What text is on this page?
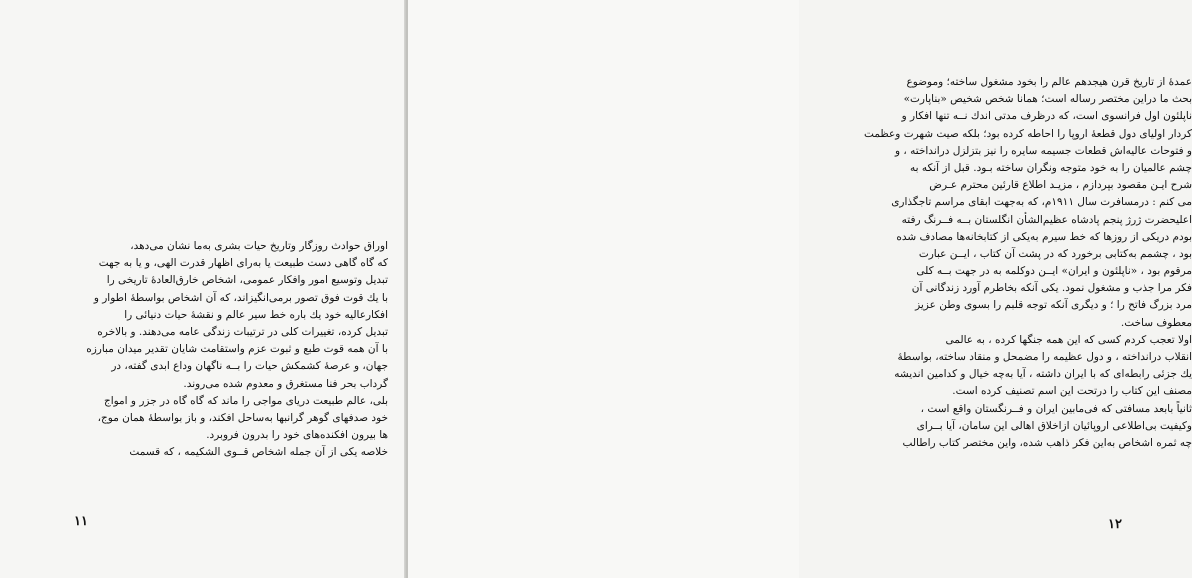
اوراق حوادث روزگار وتاریخ حیات بشری به‌ما نشان می‌دهد،
که گاه گاهی دست طبیعت یا به‌رای اظهار قدرت الهی، و یا به جهت
تبدیل وتوسیع امور وافکار عمومی، اشخاص خارق‌العادهٔ تاریخی را
با یك قوت فوق تصور برمی‌انگیزاند، که آن اشخاص بواسطهٔ اطوار و
افکارعالیه خود یك باره خط سیر عالم و نقشهٔ حیات دنیائی را
تبدیل کرده، تغییرات کلی در ترتیبات زندگی عامه می‌دهند. و بالاخره
با آن همه قوت طبع و ثبوت عزم واستقامت شایان تقدیر میدان مبارزه
جهان، و عرصهٔ کشمکش حیات را بــه ناگهان وداع ابدی گفته، در
گرداب بحر فنا مستغرق و معدوم شده می‌روند.
بلی، عالم طبیعت دریای مواجی را ماند که گاه گاه در جزر و امواج
خود صدفهای گوهر گرانبها به‌ساحل افکند، و باز بواسطهٔ همان موج،
ها بیرون افکنده‌های خود را بدرون فروبرد.
خلاصه یکی از آن جمله اشخاص قــوی الشکیمه ، که قسمت
۱۱
عمدهٔ از تاریخ قرن هیجدهم عالم را بخود مشغول ساخته؛ وموضوع
بحث ما دراین مختصر رساله است؛ همانا شخص شخیص «بناپارت»
ناپلئون اول فرانسوی است، که درظرف مدتی اندك نــه تنها افکار و
کردار اولیای دول قطعهٔ اروپا را احاطه کرده بود؛ بلکه صیت شهرت وعظمت
و فتوحات عالیه‌اش قطعات جسیمه سایره را نیز بتزلزل درانداخته ، و
چشم عالمیان را به خود متوجه ونگران ساخته بـود. قبل از آنکه به
شرح ایـن مقصود بپردازم ، مزیـد اطلاع قارئین محترم عـرض
می کنم : درمسافرت سال ۱۹۱۱م، که به‌جهت ابقای مراسم تاجگذاری
اعلیحضرت ژرژ پنجم پادشاه عظیم‌الشأن انگلستان بــه فــرنگ رفته
بودم دریکی از روزها که خط سیرم به‌یکی از کتابخانه‌ها مصادف شده
بود ، چشمم به‌کتابی برخورد که در پشت آن کتاب ، ایــن عبارت
مرقوم بود ، «ناپلئون و ایران» ایــن دوکلمه به در جهت بــه کلی
فکر مرا جذب و مشغول نمود. یکی آنکه بخاطرم آورد زندگانی آن
مرد بزرگ فاتح را ؛ و دیگری آنکه توجه قلبم را بسوی وطن عزیز
معطوف ساخت.
اولا تعجب کردم کسی که این همه جنگها کرده ، به عالمی
انقلاب درانداخته ، و دول عظیمه را مضمحل و منقاد ساخته، بواسطهٔ
یك جزئی رابطه‌ای که با ایران داشته ، آیا به‌چه خیال و کدامین اندیشه
مصنف این کتاب را درتحت این اسم تصنیف کرده است.
ثانیاً بابعد مسافتی که فی‌مابین ایران و فــرنگستان واقع است ،
وکیفیت بی‌اطلاعی اروپائیان ازاخلاق اهالی این سامان، آیا بــرای
چه ثمره اشخاص به‌این فکر ذاهب شده، واین مختصر کتاب راطالب
۱۲
